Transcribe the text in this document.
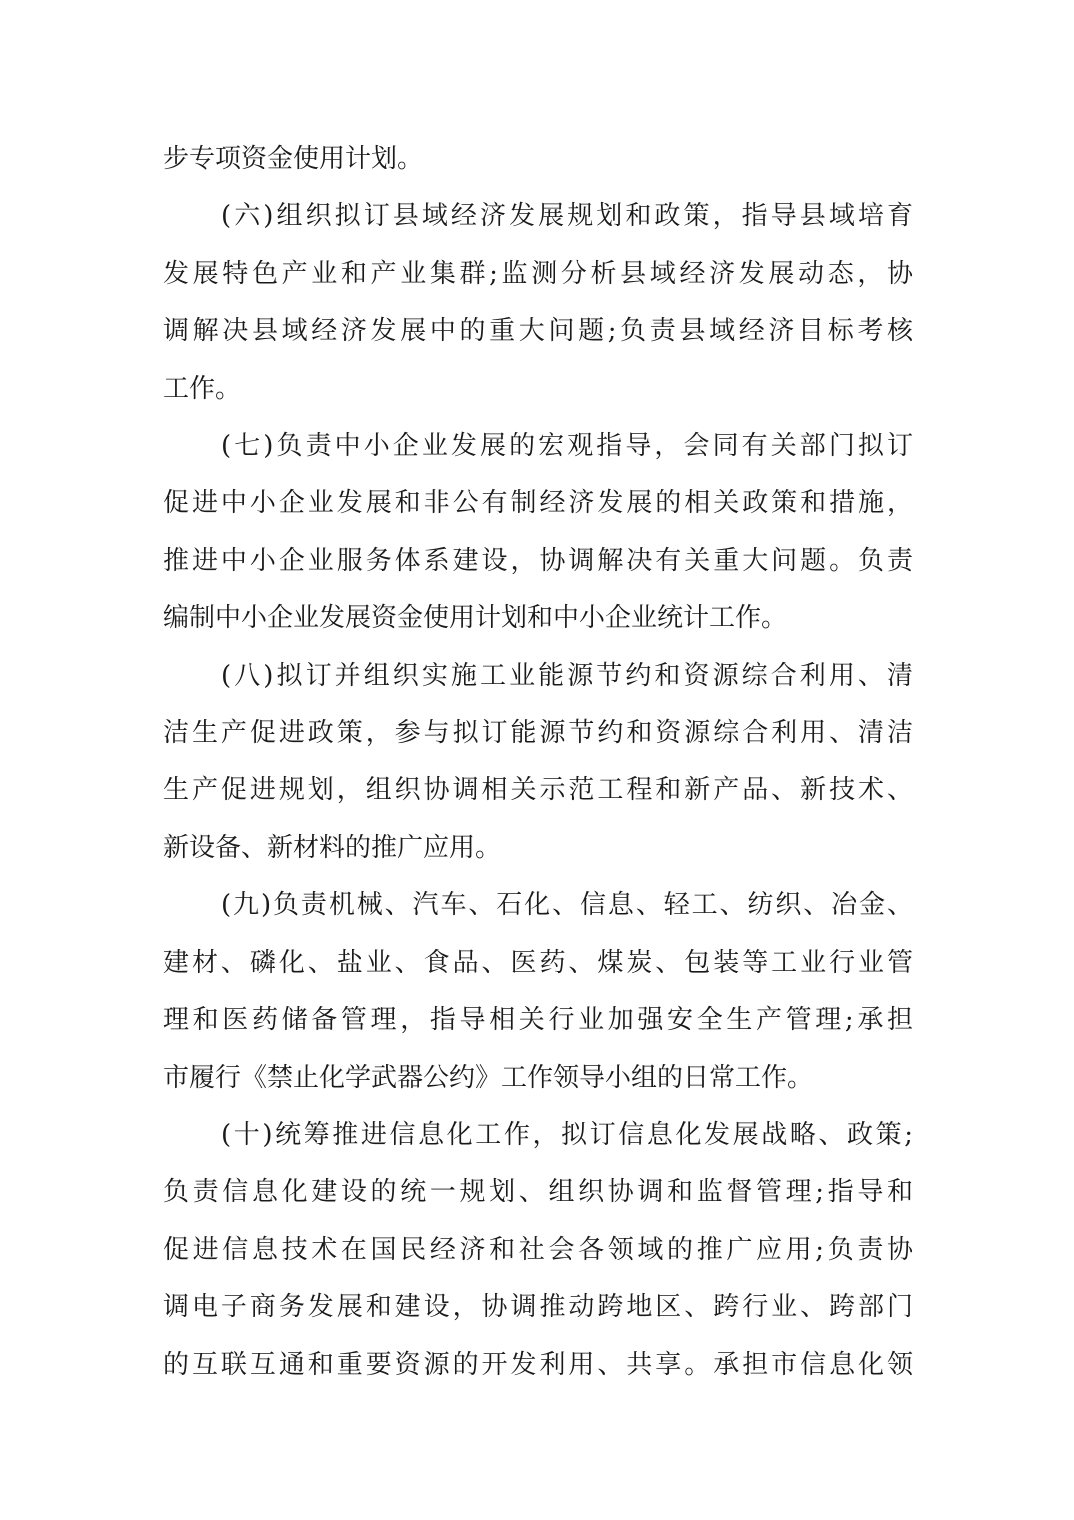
步专项资金使用计划。
(六)组织拟订县域经济发展规划和政策，指导县域培育
发展特色产业和产业集群;监测分析县域经济发展动态，协
调解决县域经济发展中的重大问题;负责县域经济目标考核
工作。
(七)负责中小企业发展的宏观指导，会同有关部门拟订
促进中小企业发展和非公有制经济发展的相关政策和措施，
推进中小企业服务体系建设，协调解决有关重大问题。负责
编制中小企业发展资金使用计划和中小企业统计工作。
(八)拟订并组织实施工业能源节约和资源综合利用、清
洁生产促进政策，参与拟订能源节约和资源综合利用、清洁
生产促进规划，组织协调相关示范工程和新产品、新技术、
新设备、新材料的推广应用。
(九)负责机械、汽车、石化、信息、轻工、纺织、冶金、
建材、磷化、盐业、食品、医药、煤炭、包装等工业行业管
理和医药储备管理，指导相关行业加强安全生产管理;承担
市履行《禁止化学武器公约》工作领导小组的日常工作。
(十)统筹推进信息化工作，拟订信息化发展战略、政策;
负责信息化建设的统一规划、组织协调和监督管理;指导和
促进信息技术在国民经济和社会各领域的推广应用;负责协
调电子商务发展和建设，协调推动跨地区、跨行业、跨部门
的互联互通和重要资源的开发利用、共享。承担市信息化领
